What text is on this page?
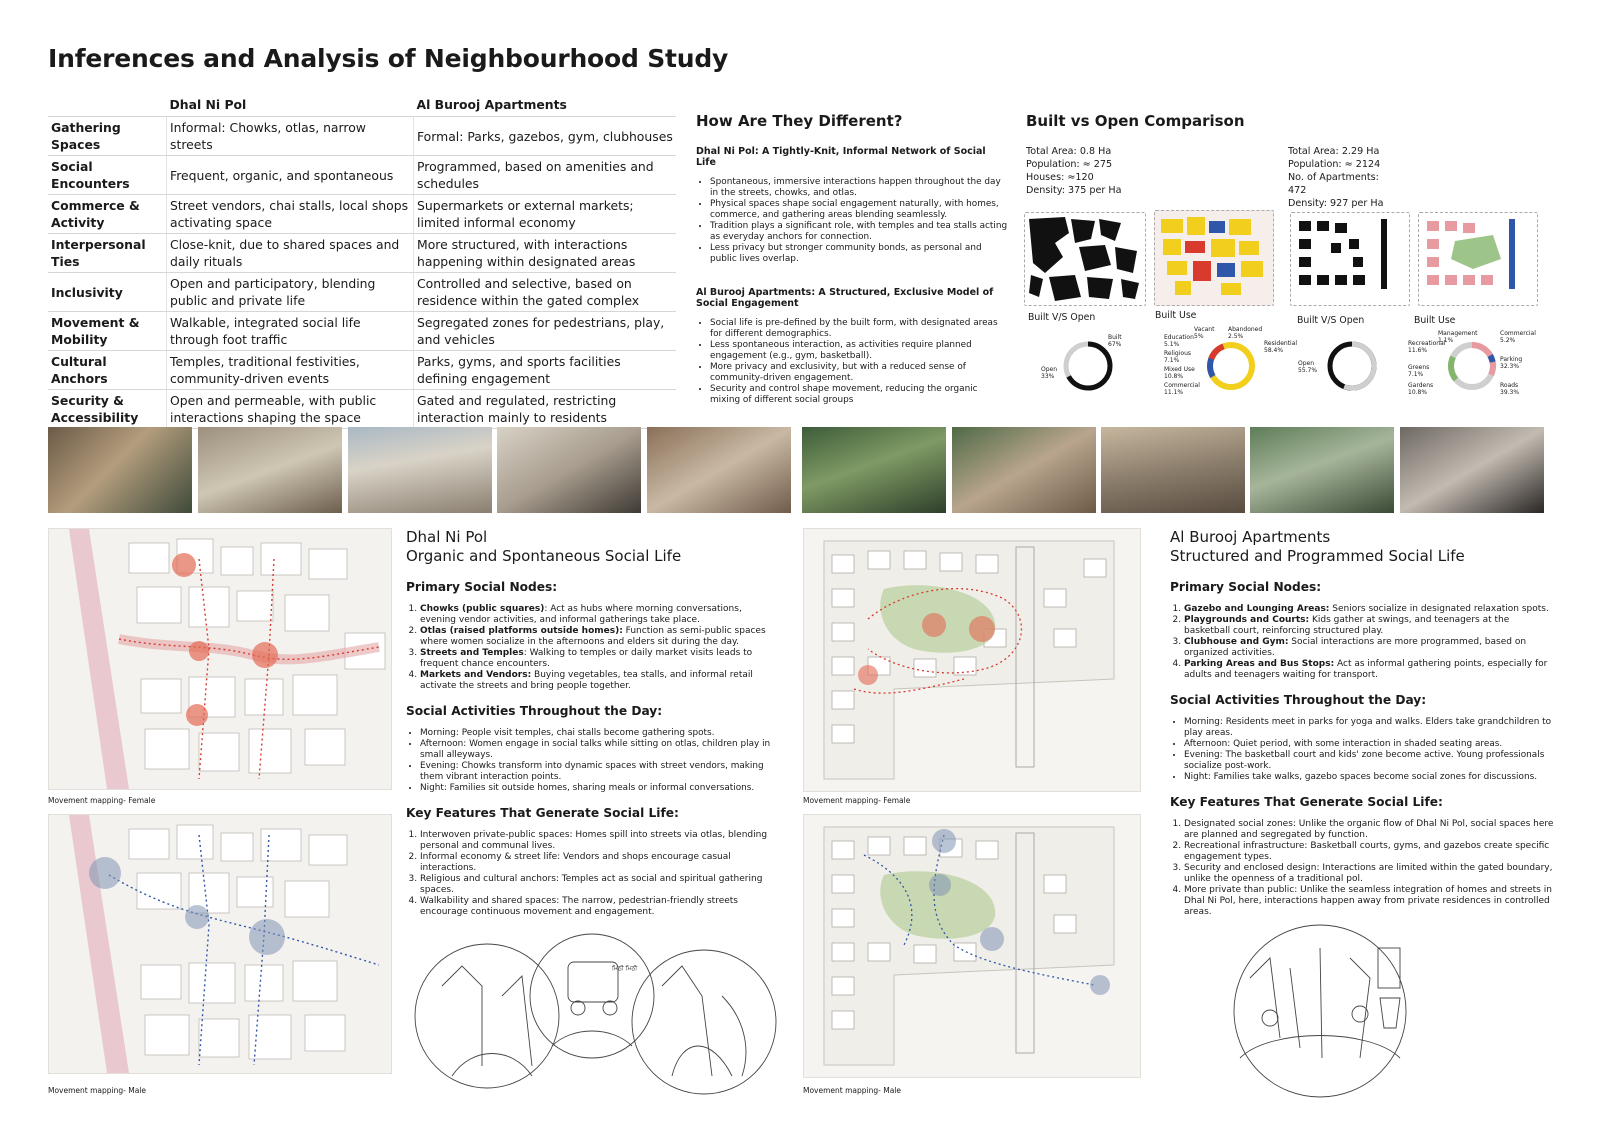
Inferences and Analysis of Neighbourhood Study
	Dhal Ni Pol	Al Burooj Apartments
Gathering Spaces	Informal: Chowks, otlas, narrow streets	Formal: Parks, gazebos, gym, clubhouses
Social Encounters	Frequent, organic, and spontaneous	Programmed, based on amenities and schedules
Commerce & Activity	Street vendors, chai stalls, local shops activating space	Supermarkets or external markets; limited informal economy
Interpersonal Ties	Close-knit, due to shared spaces and daily rituals	More structured, with interactions happening within designated areas
Inclusivity	Open and participatory, blending public and private life	Controlled and selective, based on residence within the gated complex
Movement & Mobility	Walkable, integrated social life through foot traffic	Segregated zones for pedestrians, play, and vehicles
Cultural Anchors	Temples, traditional festivities, community-driven events	Parks, gyms, and sports facilities defining engagement
Security & Accessibility	Open and permeable, with public interactions shaping the space	Gated and regulated, restricting interaction mainly to residents
How Are They Different?
Dhal Ni Pol: A Tightly-Knit, Informal Network of Social Life
• Spontaneous, immersive interactions happen throughout the day in the streets, chowks, and otlas.
• Physical spaces shape social engagement naturally, with homes, commerce, and gathering areas blending seamlessly.
• Tradition plays a significant role, with temples and tea stalls acting as everyday anchors for connection.
• Less privacy but stronger community bonds, as personal and public lives overlap.
Al Burooj Apartments: A Structured, Exclusive Model of Social Engagement
• Social life is pre-defined by the built form, with designated areas for different demographics.
• Less spontaneous interaction, as activities require planned engagement (e.g., gym, basketball).
• More privacy and exclusivity, but with a reduced sense of community-driven engagement.
• Security and control shape movement, reducing the organic mixing of different social groups
Built vs Open Comparison
Total Area: 0.8 Ha
Population: ≈ 275
Houses: ≈120
Density: 375 per Ha
Total Area: 2.29 Ha
Population: ≈ 2124
No. of Apartments:
472
Density: 927 per Ha
Built V/S Open	Built Use	Built V/S Open	Built Use
Built
67%
Open
33%
Vacant
5%
Abandoned
2.5%
Education
5.1%
Religious
7.1%
Mixed Use
10.8%
Commercial
11.1%
Residential
58.4%
Open
55.7%
Management
1.1%
Commercial
5.2%
Recreational
11.6%
Parking
32.3%
Greens
7.1%
Gardens
10.8%
Roads
39.3%
Movement mapping- Female
Movement mapping- Male
Dhal Ni Pol
Organic and Spontaneous Social Life
Primary Social Nodes:
1. Chowks (public squares): Act as hubs where morning conversations, evening vendor activities, and informal gatherings take place.
2. Otlas (raised platforms outside homes): Function as semi-public spaces where women socialize in the afternoons and elders sit during the day.
3. Streets and Temples: Walking to temples or daily market visits leads to frequent chance encounters.
4. Markets and Vendors: Buying vegetables, tea stalls, and informal retail activate the streets and bring people together.
Social Activities Throughout the Day:
• Morning: People visit temples, chai stalls become gathering spots.
• Afternoon: Women engage in social talks while sitting on otlas, children play in small alleyways.
• Evening: Chowks transform into dynamic spaces with street vendors, making them vibrant interaction points.
• Night: Families sit outside homes, sharing meals or informal conversations.
Key Features That Generate Social Life:
1. Interwoven private-public spaces: Homes spill into streets via otlas, blending personal and communal lives.
2. Informal economy & street life: Vendors and shops encourage casual interactions.
3. Religious and cultural anchors: Temples act as social and spiritual gathering spaces.
4. Walkability and shared spaces: The narrow, pedestrian-friendly streets encourage continuous movement and engagement.
ਮਿਠੀ ਮਿਠੀ
Movement mapping- Female
Movement mapping- Male
Al Burooj Apartments
Structured and Programmed Social Life
Primary Social Nodes:
1. Gazebo and Lounging Areas: Seniors socialize in designated relaxation spots.
2. Playgrounds and Courts: Kids gather at swings, and teenagers at the basketball court, reinforcing structured play.
3. Clubhouse and Gym: Social interactions are more programmed, based on organized activities.
4. Parking Areas and Bus Stops: Act as informal gathering points, especially for adults and teenagers waiting for transport.
Social Activities Throughout the Day:
• Morning: Residents meet in parks for yoga and walks. Elders take grandchildren to play areas.
• Afternoon: Quiet period, with some interaction in shaded seating areas.
• Evening: The basketball court and kids' zone become active. Young professionals socialize post-work.
• Night: Families take walks, gazebo spaces become social zones for discussions.
Key Features That Generate Social Life:
1. Designated social zones: Unlike the organic flow of Dhal Ni Pol, social spaces here are planned and segregated by function.
2. Recreational infrastructure: Basketball courts, gyms, and gazebos create specific engagement types.
3. Security and enclosed design: Interactions are limited within the gated boundary, unlike the openness of a traditional pol.
4. More private than public: Unlike the seamless integration of homes and streets in Dhal Ni Pol, here, interactions happen away from private residences in controlled areas.
